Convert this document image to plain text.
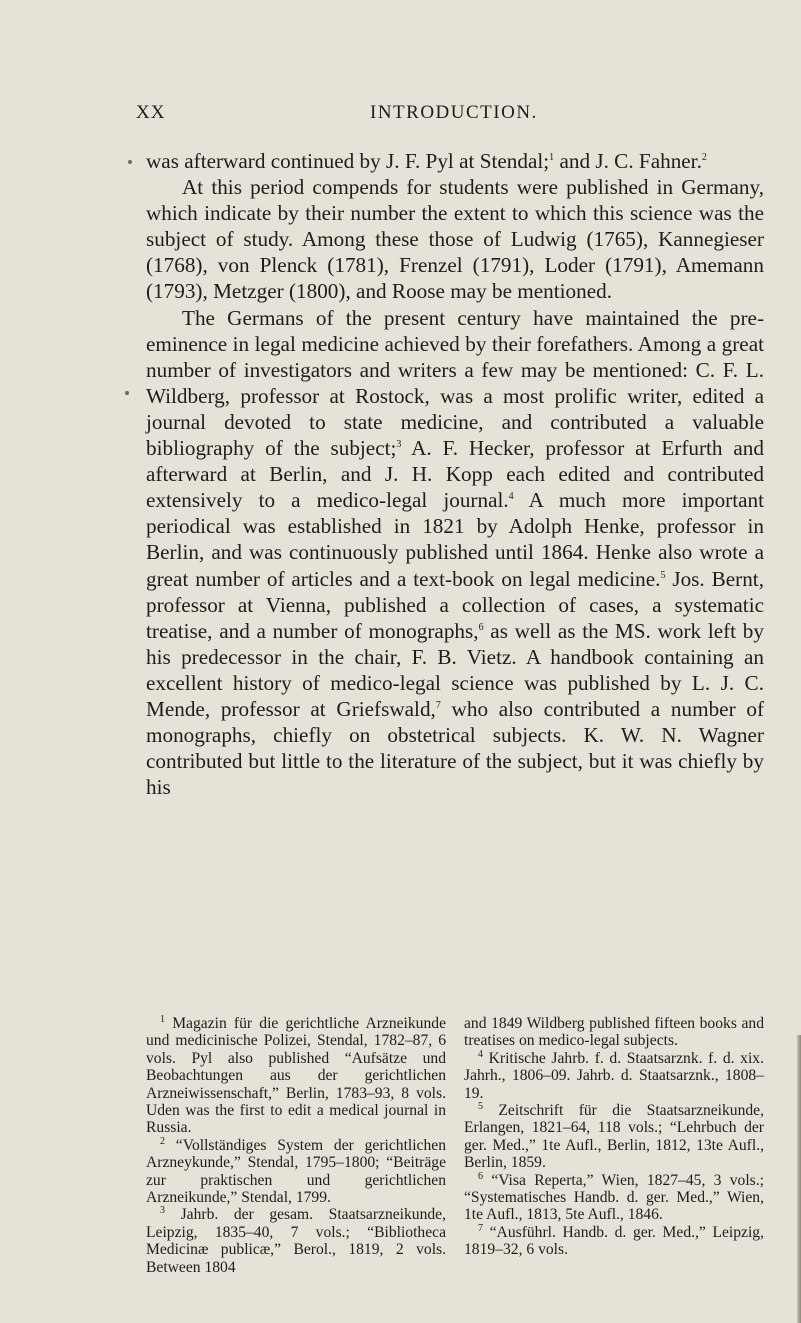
XX	INTRODUCTION.

was afterward continued by J. F. Pyl at Stendal;$^1$ and J. C. Fahner.$^2$

At this period compends for students were published in Germany, which indicate by their number the extent to which this science was the subject of study. Among these those of Ludwig (1765), Kannegieser (1768), von Plenck (1781), Frenzel (1791), Loder (1791), Amemann (1793), Metzger (1800), and Roose may be mentioned.

The Germans of the present century have maintained the pre-eminence in legal medicine achieved by their forefathers. Among a great number of investigators and writers a few may be mentioned: C. F. L. Wildberg, professor at Rostock, was a most prolific writer, edited a journal devoted to state medicine, and contributed a valuable bibliography of the subject;$^3$ A. F. Hecker, professor at Erfurth and afterward at Berlin, and J. H. Kopp each edited and contributed extensively to a medico-legal journal.$^4$ A much more important periodical was established in 1821 by Adolph Henke, professor in Berlin, and was continuously published until 1864. Henke also wrote a great number of articles and a text-book on legal medicine.$^5$ Jos. Bernt, professor at Vienna, published a collection of cases, a systematic treatise, and a number of monographs,$^6$ as well as the MS. work left by his predecessor in the chair, F. B. Vietz. A handbook containing an excellent history of medico-legal science was published by L. J. C. Mende, professor at Griefswald,$^7$ who also contributed a number of monographs, chiefly on obstetrical subjects. K. W. N. Wagner contributed but little to the literature of the subject, but it was chiefly by his

$^1$ Magazin für die gerichtliche Arzneikunde und medicinische Polizei, Stendal, 1782–87, 6 vols. Pyl also published “Aufsätze und Beobachtungen aus der gerichtlichen Arzneiwissenschaft,” Berlin, 1783–93, 8 vols. Uden was the first to edit a medical journal in Russia.

$^2$ “Vollständiges System der gerichtlichen Arzneykunde,” Stendal, 1795–1800; “Beiträge zur praktischen und gerichtlichen Arzneikunde,” Stendal, 1799.

$^3$ Jahrb. der gesam. Staatsarzneikunde, Leipzig, 1835–40, 7 vols.; “Bibliotheca Medicinæ publicæ,” Berol., 1819, 2 vols. Between 1804

and 1849 Wildberg published fifteen books and treatises on medico-legal subjects.

$^4$ Kritische Jahrb. f. d. Staatsarznk. f. d. xix. Jahrh., 1806–09. Jahrb. d. Staatsarznk., 1808–19.

$^5$ Zeitschrift für die Staatsarzneikunde, Erlangen, 1821–64, 118 vols.; “Lehrbuch der ger. Med.,” 1te Aufl., Berlin, 1812, 13te Aufl., Berlin, 1859.

$^6$ “Visa Reperta,” Wien, 1827–45, 3 vols.; “Systematisches Handb. d. ger. Med.,” Wien, 1te Aufl., 1813, 5te Aufl., 1846.

$^7$ “Ausführl. Handb. d. ger. Med.,” Leipzig, 1819–32, 6 vols.
